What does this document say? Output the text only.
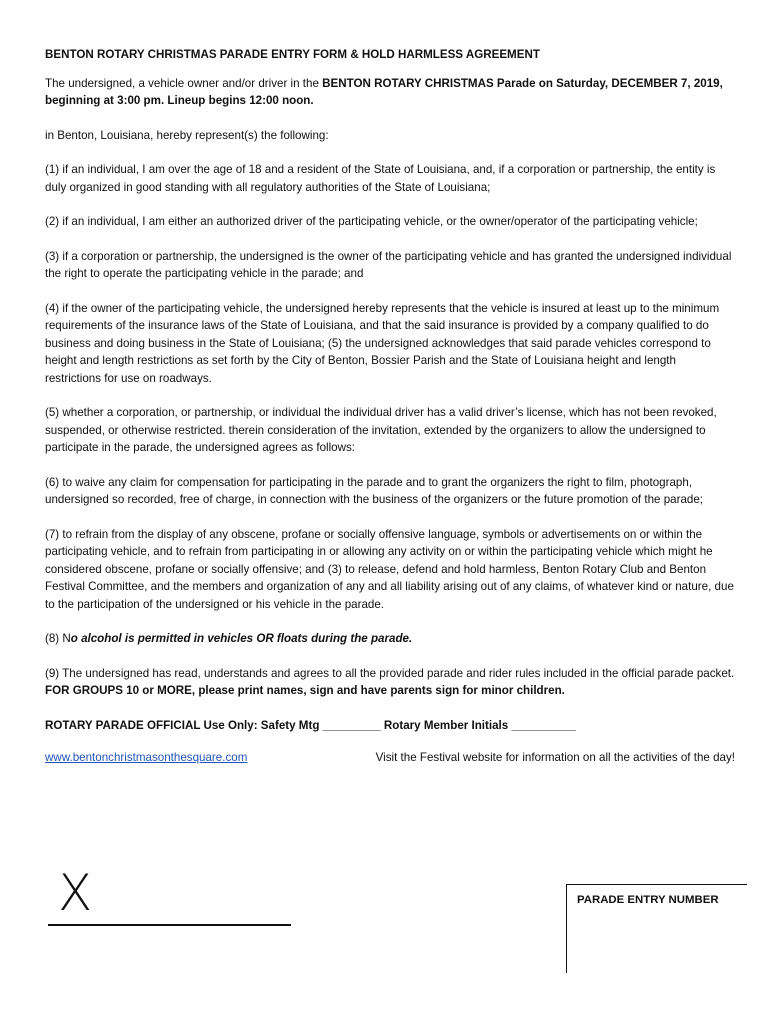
BENTON ROTARY CHRISTMAS PARADE ENTRY FORM & HOLD HARMLESS AGREEMENT

The undersigned, a vehicle owner and/or driver in the BENTON ROTARY CHRISTMAS Parade on Saturday, DECEMBER 7, 2019, beginning at 3:00 pm. Lineup begins 12:00 noon.

in Benton, Louisiana, hereby represent(s) the following:

(1) if an individual, I am over the age of 18 and a resident of the State of Louisiana, and, if a corporation or partnership, the entity is duly organized in good standing with all regulatory authorities of the State of Louisiana;

(2) if an individual, I am either an authorized driver of the participating vehicle, or the owner/operator of the participating vehicle;

(3) if a corporation or partnership, the undersigned is the owner of the participating vehicle and has granted the undersigned individual the right to operate the participating vehicle in the parade; and

(4) if the owner of the participating vehicle, the undersigned hereby represents that the vehicle is insured at least up to the minimum requirements of the insurance laws of the State of Louisiana, and that the said insurance is provided by a company qualified to do business and doing business in the State of Louisiana; (5) the undersigned acknowledges that said parade vehicles correspond to height and length restrictions as set forth by the City of Benton, Bossier Parish and the State of Louisiana height and length restrictions for use on roadways.

(5) whether a corporation, or partnership, or individual the individual driver has a valid driver’s license, which has not been revoked, suspended, or otherwise restricted. therein consideration of the invitation, extended by the organizers to allow the undersigned to participate in the parade, the undersigned agrees as follows:

(6) to waive any claim for compensation for participating in the parade and to grant the organizers the right to film, photograph, undersigned so recorded, free of charge, in connection with the business of the organizers or the future promotion of the parade;

(7) to refrain from the display of any obscene, profane or socially offensive language, symbols or advertisements on or within the participating vehicle, and to refrain from participating in or allowing any activity on or within the participating vehicle which might he considered obscene, profane or socially offensive; and (3) to release, defend and hold harmless, Benton Rotary Club and Benton Festival Committee, and the members and organization of any and all liability arising out of any claims, of whatever kind or nature, due to the participation of the undersigned or his vehicle in the parade.

(8) No alcohol is permitted in vehicles OR floats during the parade.

(9) The undersigned has read, understands and agrees to all the provided parade and rider rules included in the official parade packet. FOR GROUPS 10 or MORE, please print names, sign and have parents sign for minor children.

ROTARY PARADE OFFICIAL Use Only: Safety Mtg _________ Rotary Member Initials __________

www.bentonchristmasonthesquare.com	Visit the Festival website for information on all the activities of the day!
X	PARADE ENTRY NUMBER
